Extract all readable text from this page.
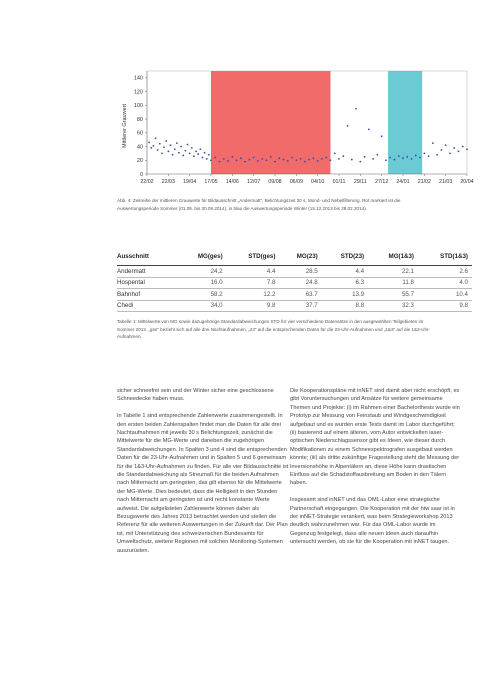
0
20
40
60
80
100
120
140
22/02 22/03 19/04 17/05 14/06 12/07 09/08 06/09 04/10 01/11 29/11 27/12 24/01 21/02 21/03 20/04
Mittlerer Grauwert
Abb. 4: Zeitreihe der mittleren Grauwerte für Bildausschnitt „Andermatt“, Belichtungszeit 30 s, Mond- und Nebelfilterung. Rot markiert ist die Auswertungsperiode Sommer (01.05. bis 30.09.2014), in blau die Auswertungsperiode Winter (15.12.2013 bis 28.02.2014).
Ausschnitt	MG(ges)	STD(ges)	MG(23)	STD(23)	MG(1&3)	STD(1&3)
Andermatt	24.2	4.4	28.5	4.4	22.1	2.6
Hospental	16.0	7.8	24.8	6.3	11.8	4.0
Bahnhof	58.2	12.2	63.7	13.9	55.7	10.4
Chedi	34.0	9.8	37.7	8.8	32.3	9.8
Tabelle 1: Mittelwerte von MG sowie dazugehörige Standardabweichungen STD für vier verschiedene Datensätze in den ausgewählten Teilgebieten im Sommer 2013. „ges“ bezieht sich auf alle drei Nachtaufnahmen, „23“ auf die entsprechenden Daten für die 23-Uhr-Aufnahmen und „1&3“ auf die 1&3-Uhr-Aufnahmen.

sicher schneefrei sein und der Winter sicher eine geschlossene Schneedecke haben muss.

In Tabelle 1 sind entsprechende Zahlenwerte zusammengestellt. In den ersten beiden Zahlenspalten findet man die Daten für alle drei Nachtaufnahmen mit jeweils 30 s Belichtungszeit, zunächst die Mittelwerte für die MG-Werte und daneben die zugehörigen Standardabweichungen. In Spalten 3 und 4 sind die entsprechenden Daten für die 23-Uhr-Aufnahmen und in Spalten 5 und 6 gemeinsam für die 1&3-Uhr-Aufnahmen zu finden. Für alle vier Bildausschnitte ist die Standardabweichung als Streumaß für die beiden Aufnahmen nach Mitternacht am geringsten, das gilt ebenso für die Mittelwerte der MG-Werte. Dies bedeutet, dass die Helligkeit in den Stunden nach Mitternacht am geringsten ist und recht konstante Werte aufweist. Die aufgelisteten Zahlenwerte können daher als Bezugswerte des Jahres 2013 betrachtet werden und stellen die Referenz für alle weiteren Auswertungen in der Zukunft dar. Der Plan ist, mit Unterstützung des schweizerischen Bundesamts für Umweltschutz, weitere Regionen mit solchen Monitoring-Systemen auszurüsten.

Die Kooperationspläne mit inNET sind damit aber nicht erschöpft, es gibt Voruntersuchungen und Ansätze für weitere gemeinsame Themen und Projekte: (i) im Rahmen einer Bachelorthesis wurde ein Prototyp zur Messung von Feinstaub und Windgeschwindigkeit aufgebaut und es wurden erste Tests damit im Labor durchgeführt; (ii) basierend auf einem älteren, vom Autor entwickelten laser-optischen Niederschlagssensor gibt es Ideen, wie dieser durch Modifikationen zu einem Schneespektrografen ausgebaut werden könnte; (iii) als dritte zukünftige Fragestellung steht die Messung der Inversionshöhe in Alpentälern an, diese Höhe kann drastischen Einfluss auf die Schadstoffausbreitung am Boden in den Tälern haben.

Insgesamt sind inNET und das OML-Labor eine strategische Partnerschaft eingegangen. Die Kooperation mit der htw saar ist in der inNET-Strategie verankert, was beim Strategieworkshop 2013 deutlich wahrzunehmen war. Für das OML-Labor wurde im Gegenzug festgelegt, dass alle neuen Ideen auch daraufhin untersucht werden, ob sie für die Kooperation mit inNET taugen.
